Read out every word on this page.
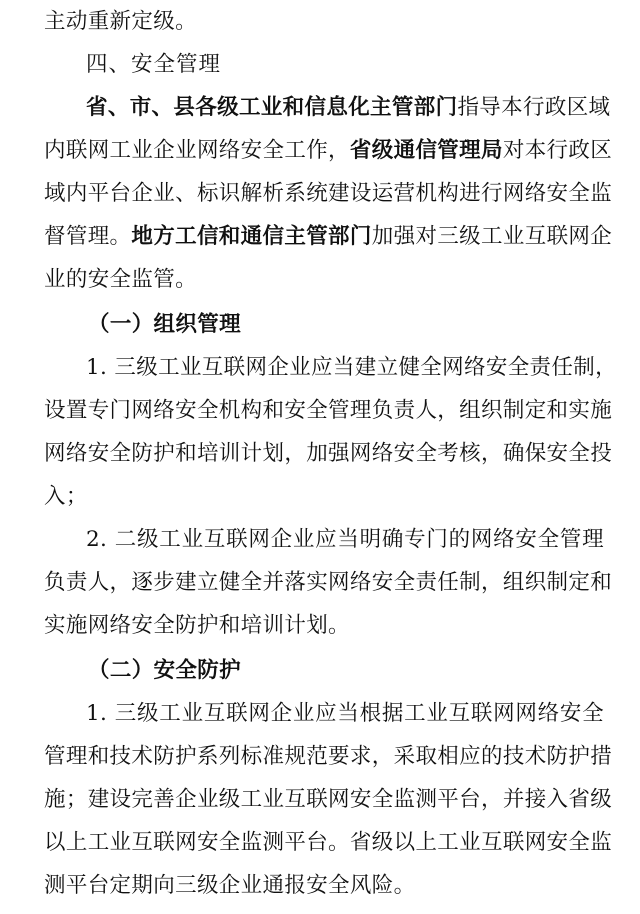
主动重新定级。
四、安全管理
省、市、县各级工业和信息化主管部门指导本行政区域
内联网工业企业网络安全工作，省级通信管理局对本行政区
域内平台企业、标识解析系统建设运营机构进行网络安全监
督管理。地方工信和通信主管部门加强对三级工业互联网企
业的安全监管。
（一）组织管理
1. 三级工业互联网企业应当建立健全网络安全责任制，
设置专门网络安全机构和安全管理负责人，组织制定和实施
网络安全防护和培训计划，加强网络安全考核，确保安全投
入；
2. 二级工业互联网企业应当明确专门的网络安全管理
负责人，逐步建立健全并落实网络安全责任制，组织制定和
实施网络安全防护和培训计划。
（二）安全防护
1. 三级工业互联网企业应当根据工业互联网网络安全
管理和技术防护系列标准规范要求，采取相应的技术防护措
施；建设完善企业级工业互联网安全监测平台，并接入省级
以上工业互联网安全监测平台。省级以上工业互联网安全监
测平台定期向三级企业通报安全风险。
